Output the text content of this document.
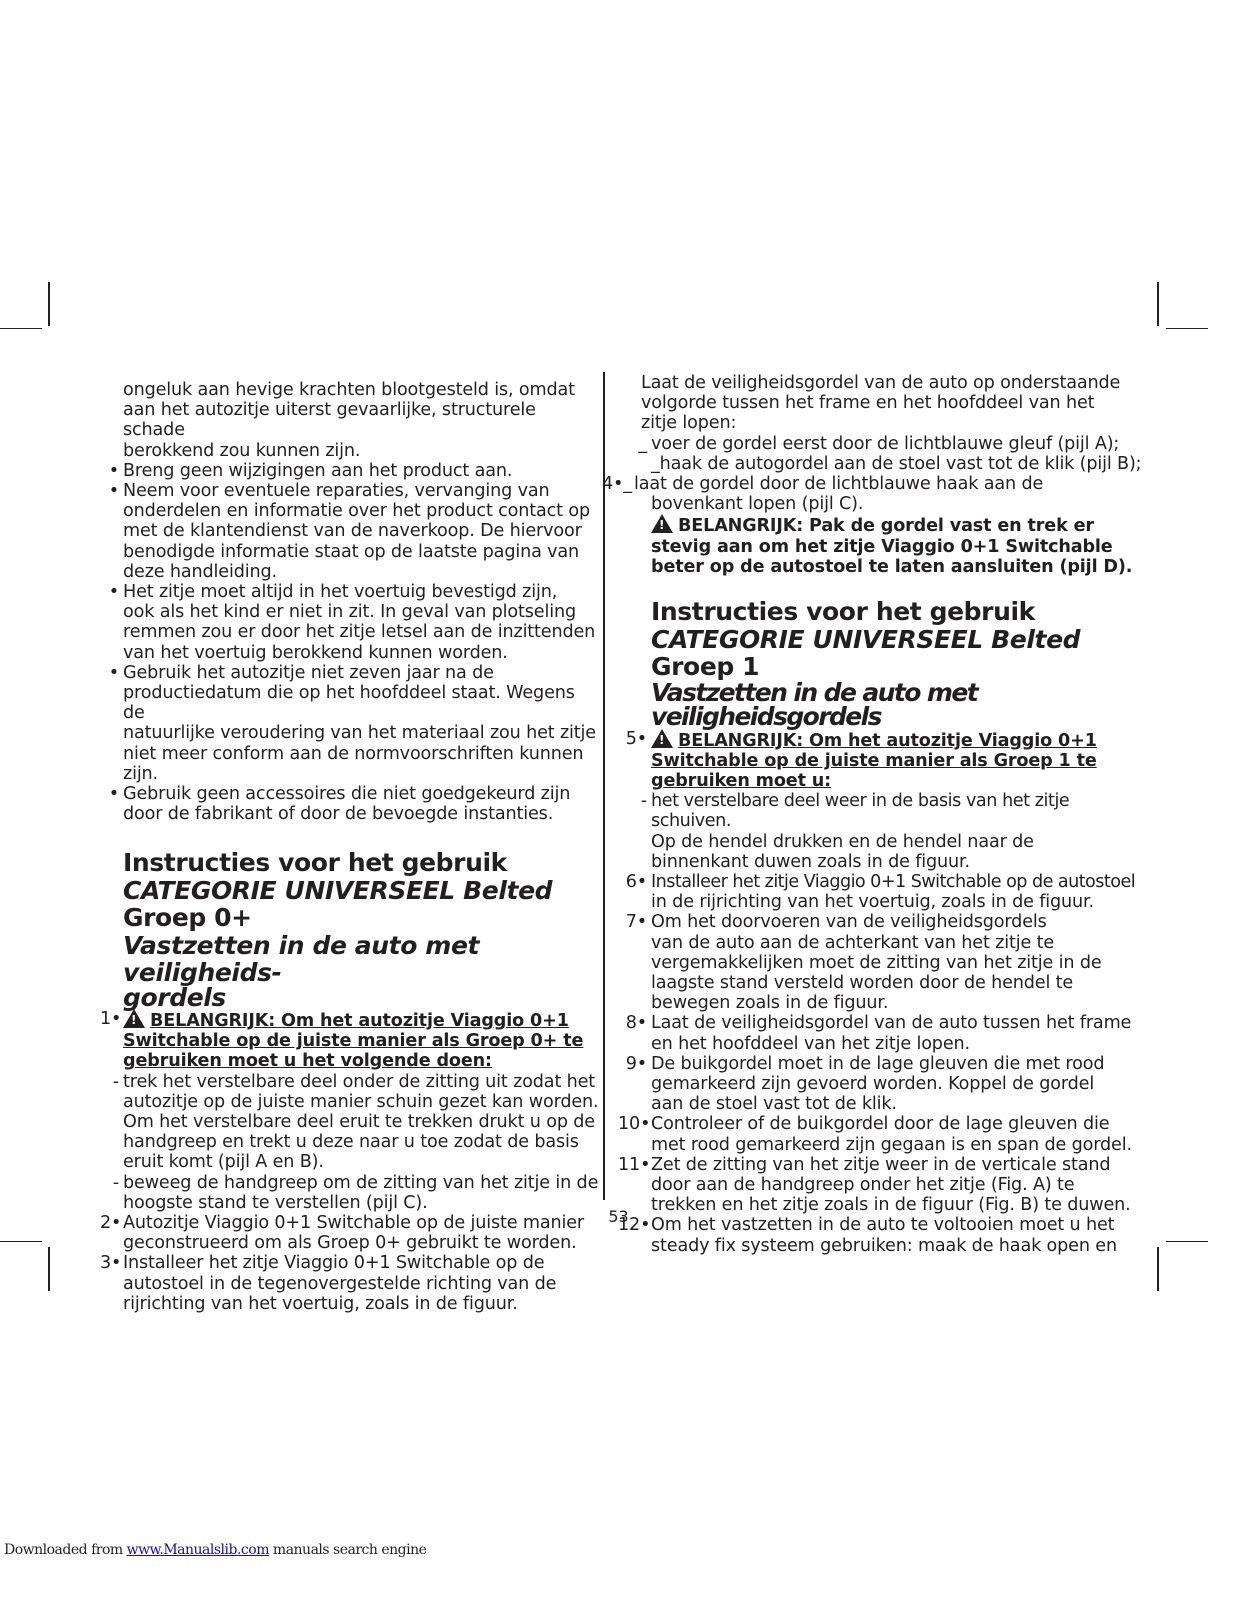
ongeluk aan hevige krachten blootgesteld is, omdat

aan het autozitje uiterst gevaarlijke, structurele schade

berokkend zou kunnen zijn.

• Breng geen wijzigingen aan het product aan.

• Neem voor eventuele reparaties, vervanging van

onderdelen en informatie over het product contact op

met de klantendienst van de naverkoop. De hiervoor

benodigde informatie staat op de laatste pagina van

deze handleiding.

• Het zitje moet altijd in het voertuig bevestigd zijn,

ook als het kind er niet in zit. In geval van plotseling

remmen zou er door het zitje letsel aan de inzittenden

van het voertuig berokkend kunnen worden.

• Gebruik het autozitje niet zeven jaar na de

productiedatum die op het hoofddeel staat. Wegens de

natuurlijke veroudering van het materiaal zou het zitje

niet meer conform aan de normvoorschriften kunnen zijn.

• Gebruik geen accessoires die niet goedgekeurd zijn

door de fabrikant of door de bevoegde instanties.

Instructies voor het gebruik

CATEGORIE UNIVERSEEL Belted

Groep 0+

Vastzetten in de auto met veiligheids-

gordels

1• !	BELANGRIJK: Om het autozitje Viaggio 0+1

Switchable op de juiste manier als Groep 0+ te

gebruiken moet u het volgende doen:

- trek het verstelbare deel onder de zitting uit zodat het

autozitje op de juiste manier schuin gezet kan worden.

Om het verstelbare deel eruit te trekken drukt u op de

handgreep en trekt u deze naar u toe zodat de basis

eruit komt (pijl A en B).

- beweeg de handgreep om de zitting van het zitje in de

hoogste stand te verstellen (pijl C).

2• Autozitje Viaggio 0+1 Switchable op de juiste manier

geconstrueerd om als Groep 0+ gebruikt te worden.

3• Installeer het zitje Viaggio 0+1 Switchable op de

autostoel in de tegenovergestelde richting van de

rijrichting van het voertuig, zoals in de figuur.

Laat de veiligheidsgordel van de auto op onderstaande

volgorde tussen het frame en het hoofddeel van het

zitje lopen:

_ voer de gordel eerst door de lichtblauwe gleuf (pijl A);

_haak de autogordel aan de stoel vast tot de klik (pijl B);

4•_ laat de gordel door de lichtblauwe haak aan de

bovenkant lopen (pijl C).

!BELANGRIJK: Pak de gordel vast en trek er

stevig aan om het zitje Viaggio 0+1 Switchable

beter op de autostoel te laten aansluiten (pijl D).

Instructies voor het gebruik

CATEGORIE UNIVERSEEL Belted

Groep 1

Vastzetten in de auto met veiligheidsgordels

5• !	BELANGRIJK: Om het autozitje Viaggio 0+1

Switchable op de juiste manier als Groep 1 te

gebruiken moet u:

- het verstelbare deel weer in de basis van het zitje schuiven.

Op de hendel drukken en de hendel naar de

binnenkant duwen zoals in de figuur.

6• Installeer het zitje Viaggio 0+1 Switchable op de autostoel

in de rijrichting van het voertuig, zoals in de figuur.

7• Om het doorvoeren van de veiligheidsgordels

van de auto aan de achterkant van het zitje te

vergemakkelijken moet de zitting van het zitje in de

laagste stand versteld worden door de hendel te

bewegen zoals in de figuur.

8• Laat de veiligheidsgordel van de auto tussen het frame

en het hoofddeel van het zitje lopen.

9• De buikgordel moet in de lage gleuven die met rood

gemarkeerd zijn gevoerd worden. Koppel de gordel

aan de stoel vast tot de klik.

10• Controleer of de buikgordel door de lage gleuven die

met rood gemarkeerd zijn gegaan is en span de gordel.

11• Zet de zitting van het zitje weer in de verticale stand

door aan de handgreep onder het zitje (Fig. A) te

trekken en het zitje zoals in de figuur (Fig. B) te duwen.

12• Om het vastzetten in de auto te voltooien moet u het

steady fix systeem gebruiken: maak de haak open en

53
Downloaded from www.Manualslib.com manuals search engine
